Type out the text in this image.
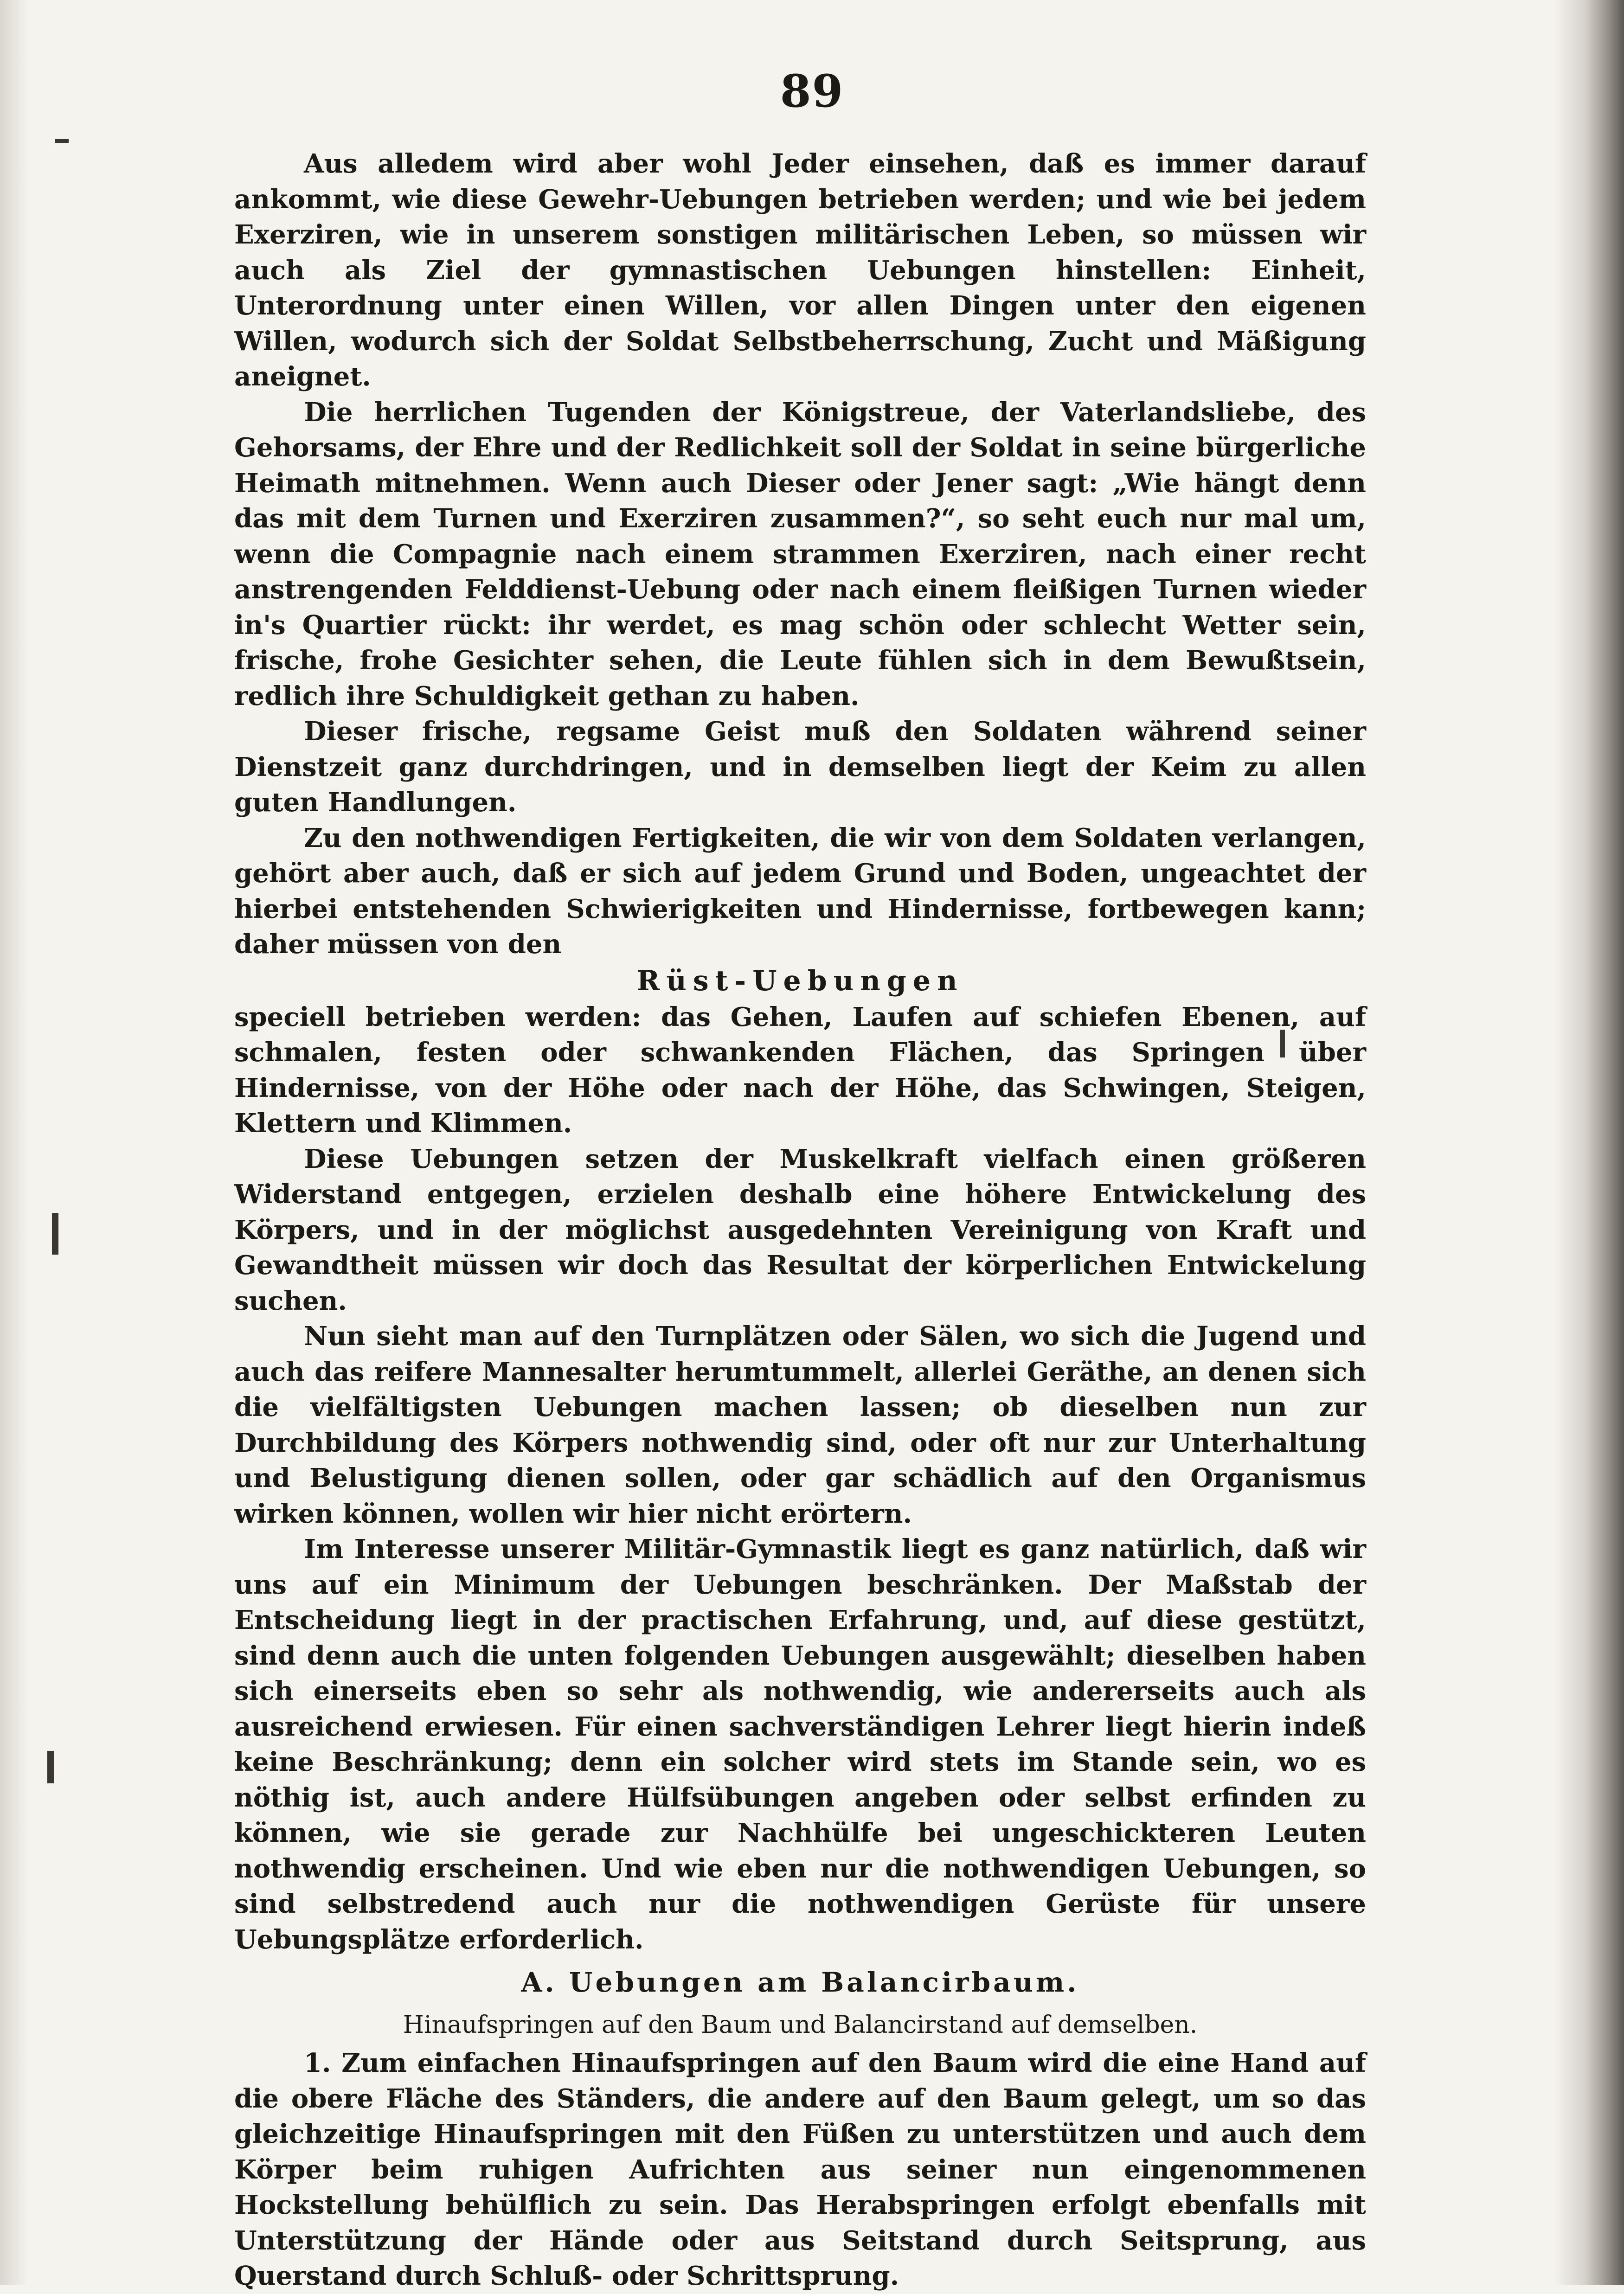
89

Aus alledem wird aber wohl Jeder einsehen, daß es immer darauf ankommt, wie diese Gewehr-Uebungen betrieben werden; und wie bei jedem Exerziren, wie in unserem sonstigen militärischen Leben, so müssen wir auch als Ziel der gymnastischen Uebungen hinstellen: Einheit, Unterordnung unter einen Willen, vor allen Dingen unter den eigenen Willen, wodurch sich der Soldat Selbstbeherrschung, Zucht und Mäßigung aneignet.

Die herrlichen Tugenden der Königstreue, der Vaterlandsliebe, des Gehorsams, der Ehre und der Redlichkeit soll der Soldat in seine bürgerliche Heimath mitnehmen. Wenn auch Dieser oder Jener sagt: „Wie hängt denn das mit dem Turnen und Exerziren zusammen?“, so seht euch nur mal um, wenn die Compagnie nach einem strammen Exerziren, nach einer recht anstrengenden Felddienst-Uebung oder nach einem fleißigen Turnen wieder in's Quartier rückt: ihr werdet, es mag schön oder schlecht Wetter sein, frische, frohe Gesichter sehen, die Leute fühlen sich in dem Bewußtsein, redlich ihre Schuldigkeit gethan zu haben.

Dieser frische, regsame Geist muß den Soldaten während seiner Dienstzeit ganz durchdringen, und in demselben liegt der Keim zu allen guten Handlungen.

Zu den nothwendigen Fertigkeiten, die wir von dem Soldaten verlangen, gehört aber auch, daß er sich auf jedem Grund und Boden, ungeachtet der hierbei entstehenden Schwierigkeiten und Hindernisse, fortbewegen kann; daher müssen von den

Rüst-Uebungen

speciell betrieben werden: das Gehen, Laufen auf schiefen Ebenen, auf schmalen, festen oder schwankenden Flächen, das Springen über Hindernisse, von der Höhe oder nach der Höhe, das Schwingen, Steigen, Klettern und Klimmen.

Diese Uebungen setzen der Muskelkraft vielfach einen größeren Widerstand entgegen, erzielen deshalb eine höhere Entwickelung des Körpers, und in der möglichst ausgedehnten Vereinigung von Kraft und Gewandtheit müssen wir doch das Resultat der körperlichen Entwickelung suchen.

Nun sieht man auf den Turnplätzen oder Sälen, wo sich die Jugend und auch das reifere Mannesalter herumtummelt, allerlei Geräthe, an denen sich die vielfältigsten Uebungen machen lassen; ob dieselben nun zur Durchbildung des Körpers nothwendig sind, oder oft nur zur Unterhaltung und Belustigung dienen sollen, oder gar schädlich auf den Organismus wirken können, wollen wir hier nicht erörtern.

Im Interesse unserer Militär-Gymnastik liegt es ganz natürlich, daß wir uns auf ein Minimum der Uebungen beschränken. Der Maßstab der Entscheidung liegt in der practischen Erfahrung, und, auf diese gestützt, sind denn auch die unten folgenden Uebungen ausgewählt; dieselben haben sich einerseits eben so sehr als nothwendig, wie andererseits auch als ausreichend erwiesen. Für einen sachverständigen Lehrer liegt hierin indeß keine Beschränkung; denn ein solcher wird stets im Stande sein, wo es nöthig ist, auch andere Hülfsübungen angeben oder selbst erfinden zu können, wie sie gerade zur Nachhülfe bei ungeschickteren Leuten nothwendig erscheinen. Und wie eben nur die nothwendigen Uebungen, so sind selbstredend auch nur die nothwendigen Gerüste für unsere Uebungsplätze erforderlich.

A. Uebungen am Balancirbaum.

Hinaufspringen auf den Baum und Balancirstand auf demselben.

1. Zum einfachen Hinaufspringen auf den Baum wird die eine Hand auf die obere Fläche des Ständers, die andere auf den Baum gelegt, um so das gleichzeitige Hinaufspringen mit den Füßen zu unterstützen und auch dem Körper beim ruhigen Aufrichten aus seiner nun eingenommenen Hockstellung behülflich zu sein. Das Herabspringen erfolgt ebenfalls mit Unterstützung der Hände oder aus Seitstand durch Seitsprung, aus Querstand durch Schluß- oder Schrittsprung.
